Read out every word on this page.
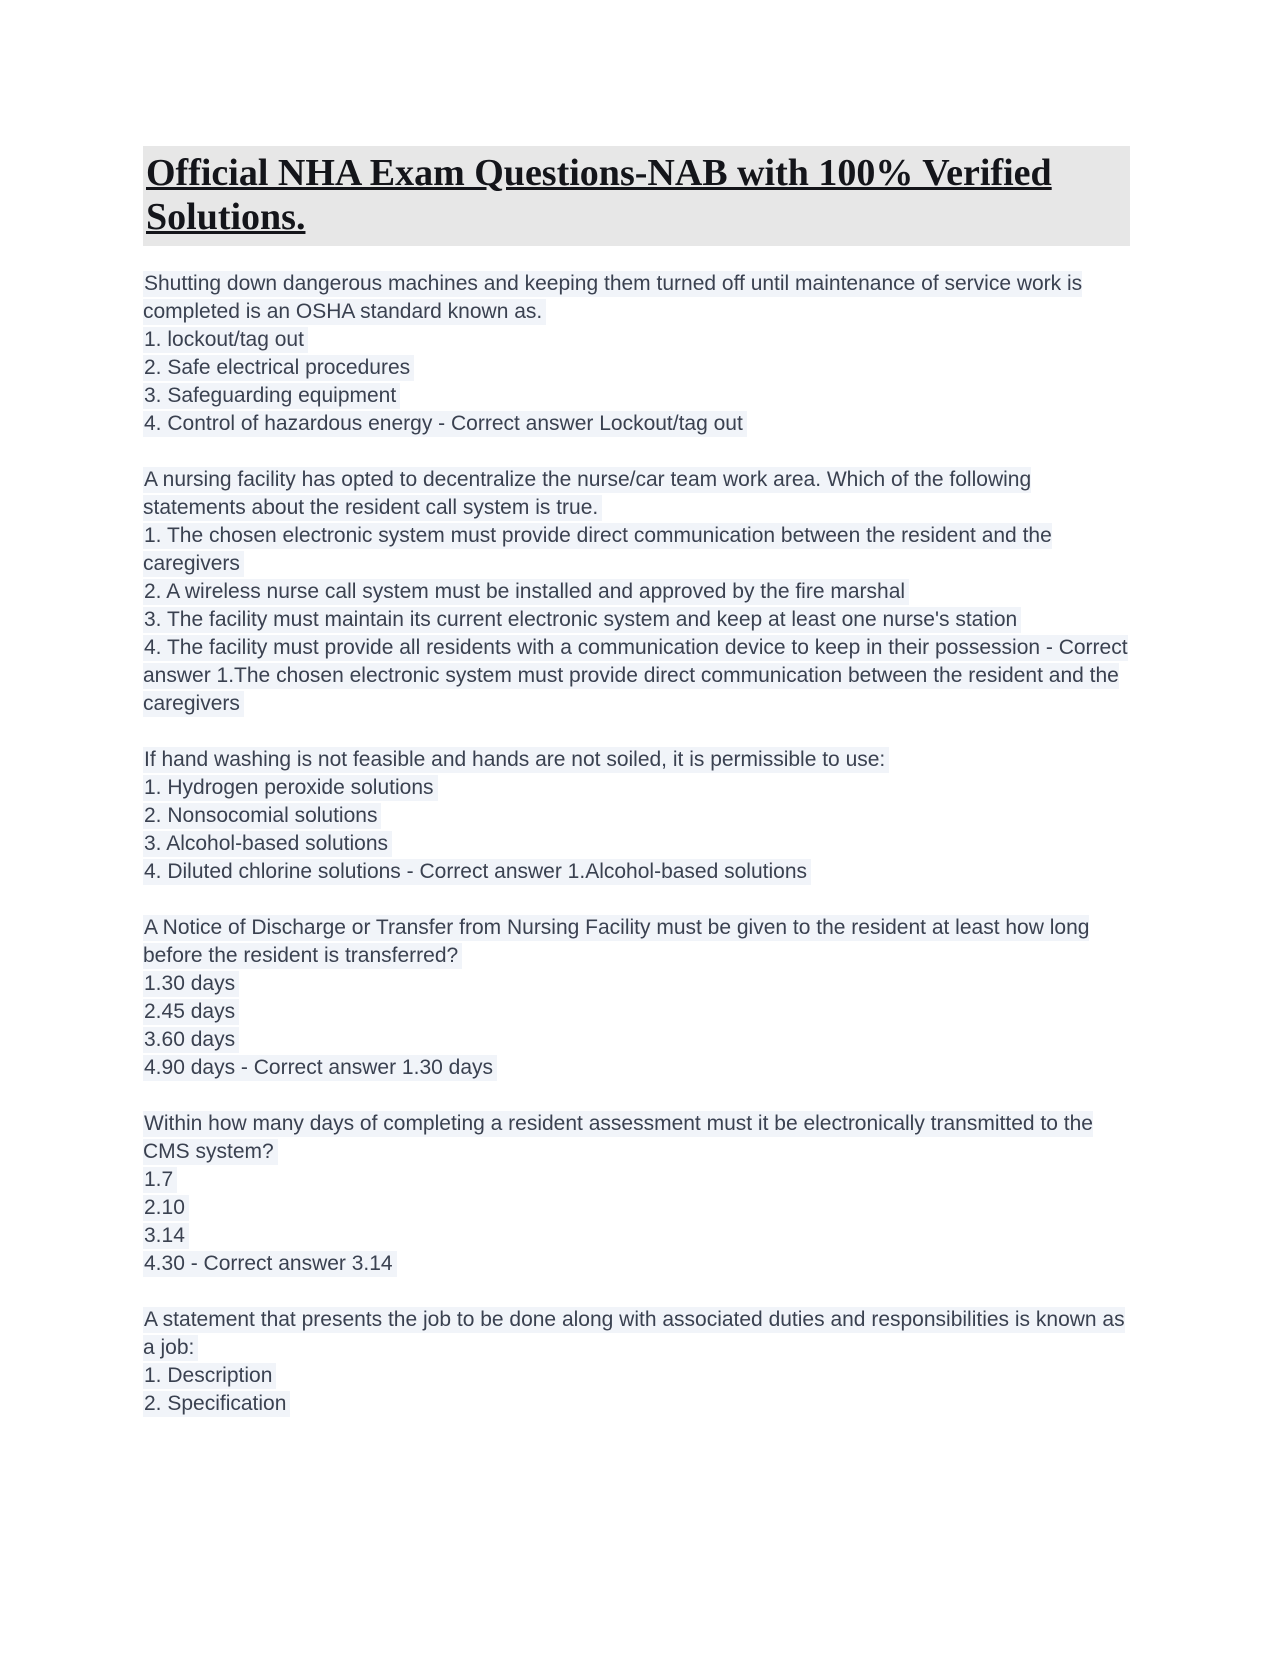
Official NHA Exam Questions-NAB with 100% Verified Solutions.

Shutting down dangerous machines and keeping them turned off until maintenance of service work is completed is an OSHA standard known as.

1. lockout/tag out

2. Safe electrical procedures

3. Safeguarding equipment

4. Control of hazardous energy - Correct answer Lockout/tag out

A nursing facility has opted to decentralize the nurse/car team work area. Which of the following statements about the resident call system is true.

1. The chosen electronic system must provide direct communication between the resident and the caregivers

2. A wireless nurse call system must be installed and approved by the fire marshal

3. The facility must maintain its current electronic system and keep at least one nurse's station

4. The facility must provide all residents with a communication device to keep in their possession - Correct answer 1.The chosen electronic system must provide direct communication between the resident and the caregivers

If hand washing is not feasible and hands are not soiled, it is permissible to use:

1. Hydrogen peroxide solutions

2. Nonsocomial solutions

3. Alcohol-based solutions

4. Diluted chlorine solutions - Correct answer 1.Alcohol-based solutions

A Notice of Discharge or Transfer from Nursing Facility must be given to the resident at least how long before the resident is transferred?

1.30 days

2.45 days

3.60 days

4.90 days - Correct answer 1.30 days

Within how many days of completing a resident assessment must it be electronically transmitted to the CMS system?

1.7

2.10

3.14

4.30 - Correct answer 3.14

A statement that presents the job to be done along with associated duties and responsibilities is known as a job:

1. Description

2. Specification
